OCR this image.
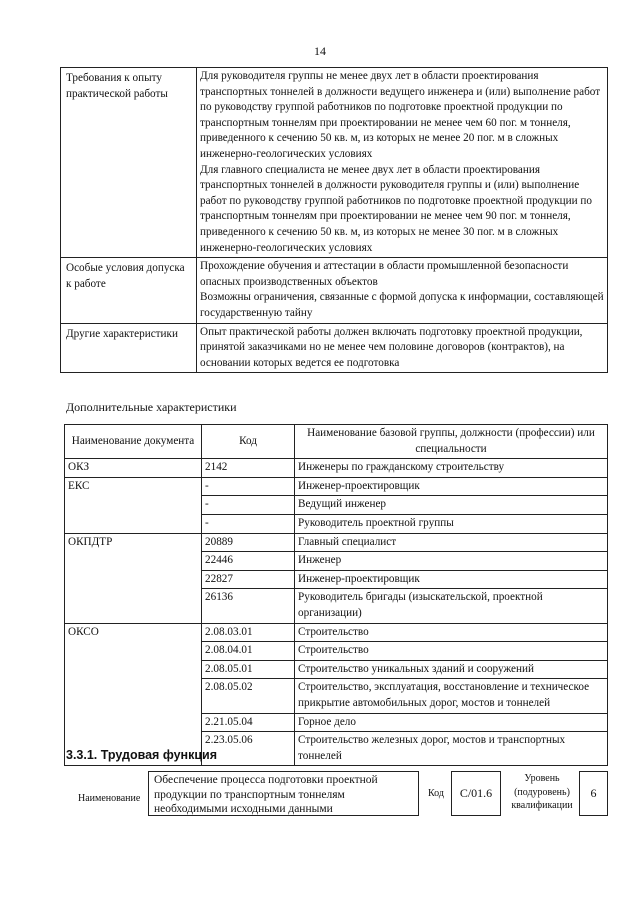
14
Требования к опыту практической работы	Для руководителя группы не менее двух лет в области проектирования транспортных тоннелей в должности ведущего инженера и (или) выполнение работ по руководству группой работников по подготовке проектной продукции по транспортным тоннелям при проектировании не менее чем 60 пог. м тоннеля, приведенного к сечению 50 кв. м, из которых не менее 20 пог. м в сложных инженерно-геологических условиях

Для главного специалиста не менее двух лет в области проектирования транспортных тоннелей в должности руководителя группы и (или) выполнение работ по руководству группой работников по подготовке проектной продукции по транспортным тоннелям при проектировании не менее чем 90 пог. м тоннеля, приведенного к сечению 50 кв. м, из которых не менее 30 пог. м в сложных инженерно-геологических условиях

Особые условия допуска к работе	Прохождение обучения и аттестации в области промышленной безопасности опасных производственных объектов

Возможны ограничения, связанные с формой допуска к информации, составляющей государственную тайну

Другие характеристики	Опыт практической работы должен включать подготовку проектной продукции, принятой заказчиками но не менее чем половине договоров (контрактов), на основании которых ведется ее подготовка

Дополнительные характеристики
Наименование документа	Код	Наименование базовой группы, должности (профессии) или специальности
ОКЗ	2142	Инженеры по гражданскому строительству
ЕКС	-	Инженер-проектировщик
	-	Ведущий инженер
	-	Руководитель проектной группы
ОКПДТР	20889	Главный специалист
	22446	Инженер
	22827	Инженер-проектировщик
	26136	Руководитель бригады (изыскательской, проектной организации)
ОКСО	2.08.03.01	Строительство
	2.08.04.01	Строительство
	2.08.05.01	Строительство уникальных зданий и сооружений
	2.08.05.02	Строительство, эксплуатация, восстановление и техническое прикрытие автомобильных дорог, мостов и тоннелей
	2.21.05.04	Горное дело
	2.23.05.06	Строительство железных дорог, мостов и транспортных тоннелей
3.3.1. Трудовая функция
Наименование
Обеспечение процесса подготовки проектной продукции по транспортным тоннелям необходимыми исходными данными
Код	С/01.6
Уровень (подуровень) квалификации
6
